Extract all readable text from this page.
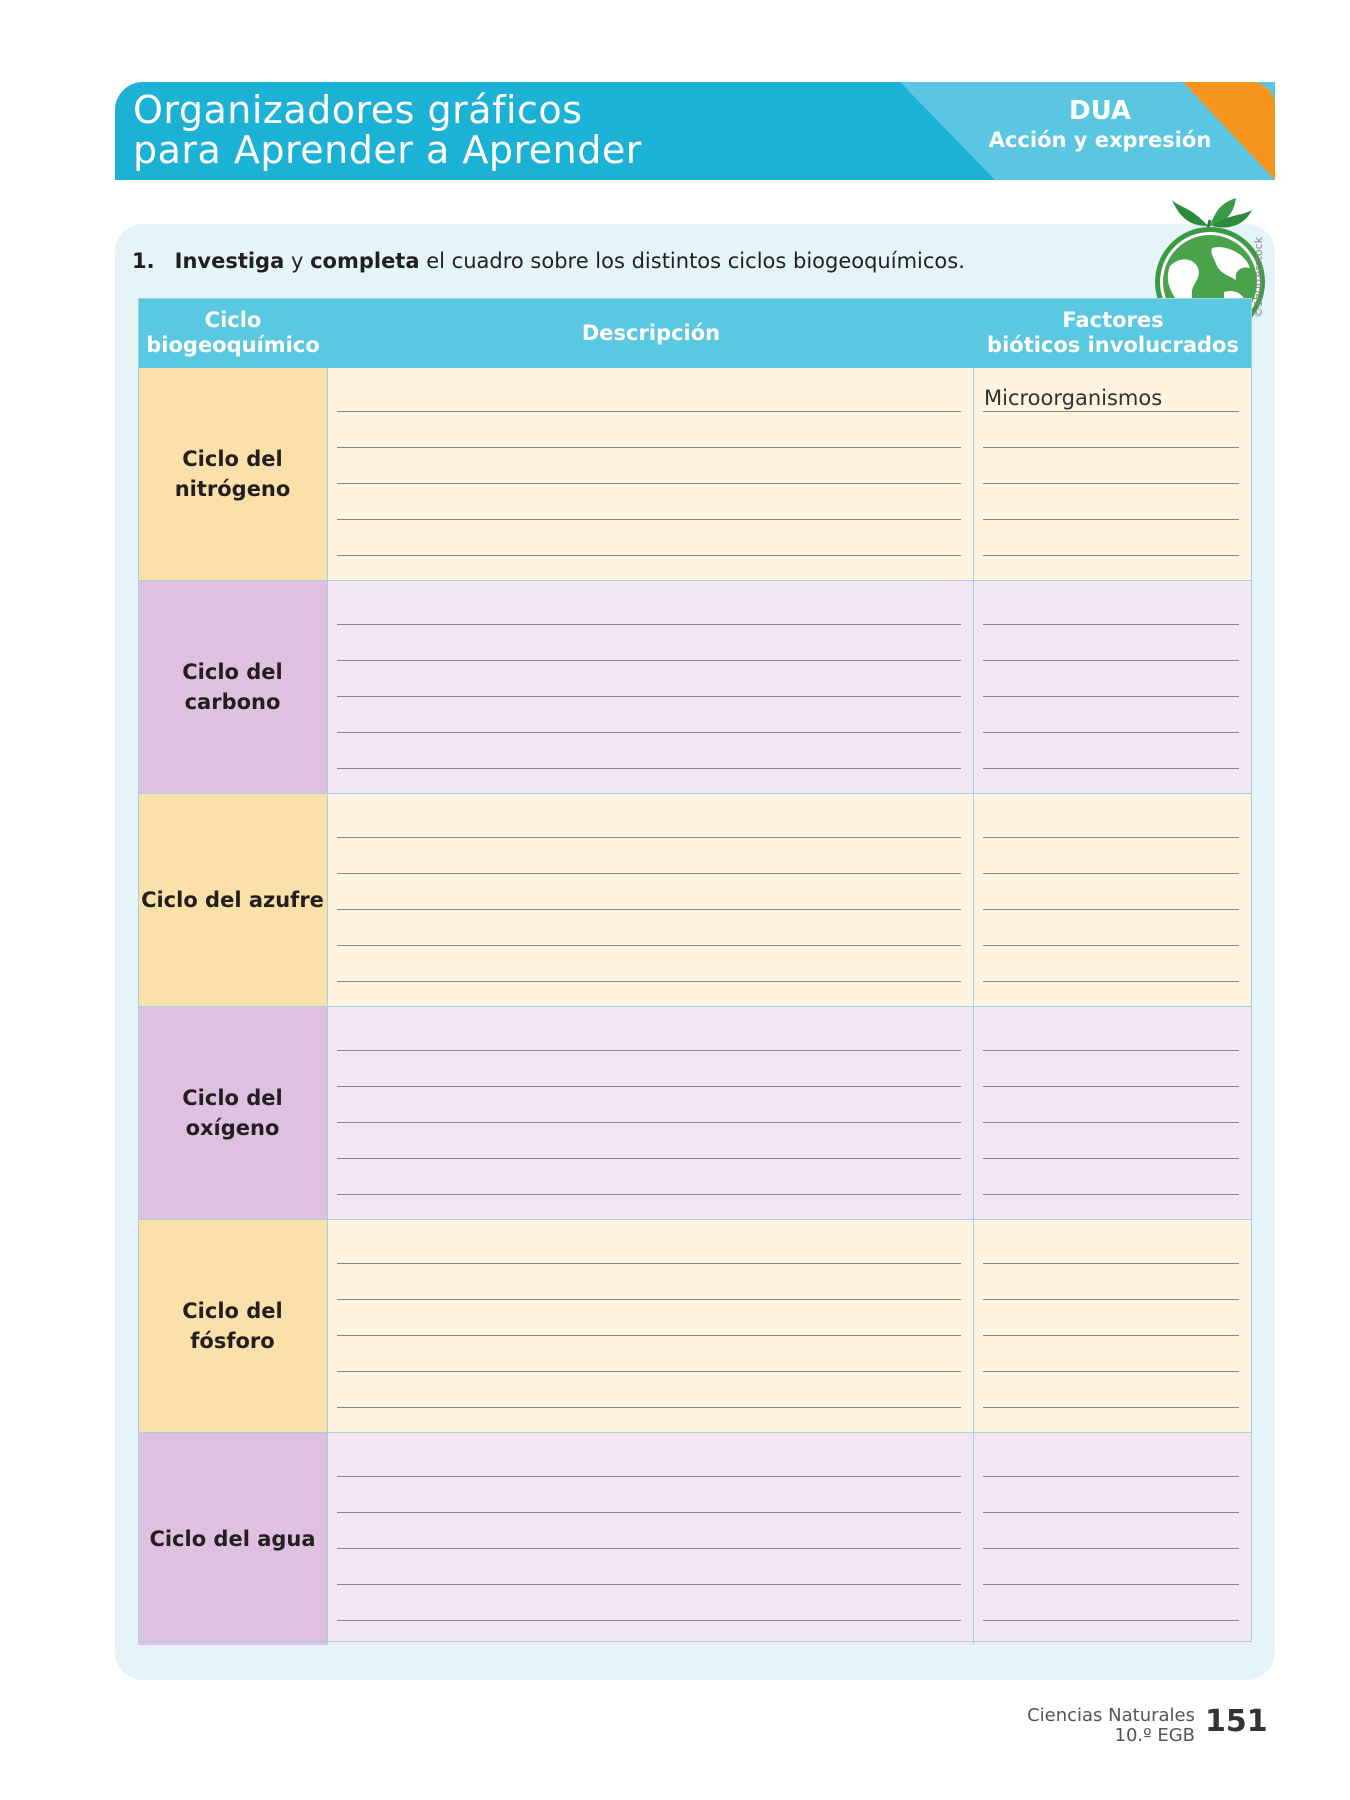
Organizadores gráficos
para Aprender a Aprender
DUA
Acción y expresión
1. Investiga y completa el cuadro sobre los distintos ciclos biogeoquímicos.	©Shutterstock
Ciclo
biogeoquímico
Descripción
Factores
bióticos involucrados
Ciclo del
nitrógeno
Microorganismos
Ciclo del
carbono
Ciclo del azufre
Ciclo del
oxígeno
Ciclo del
fósforo
Ciclo del agua
Ciencias Naturales
10.º EGB 151
